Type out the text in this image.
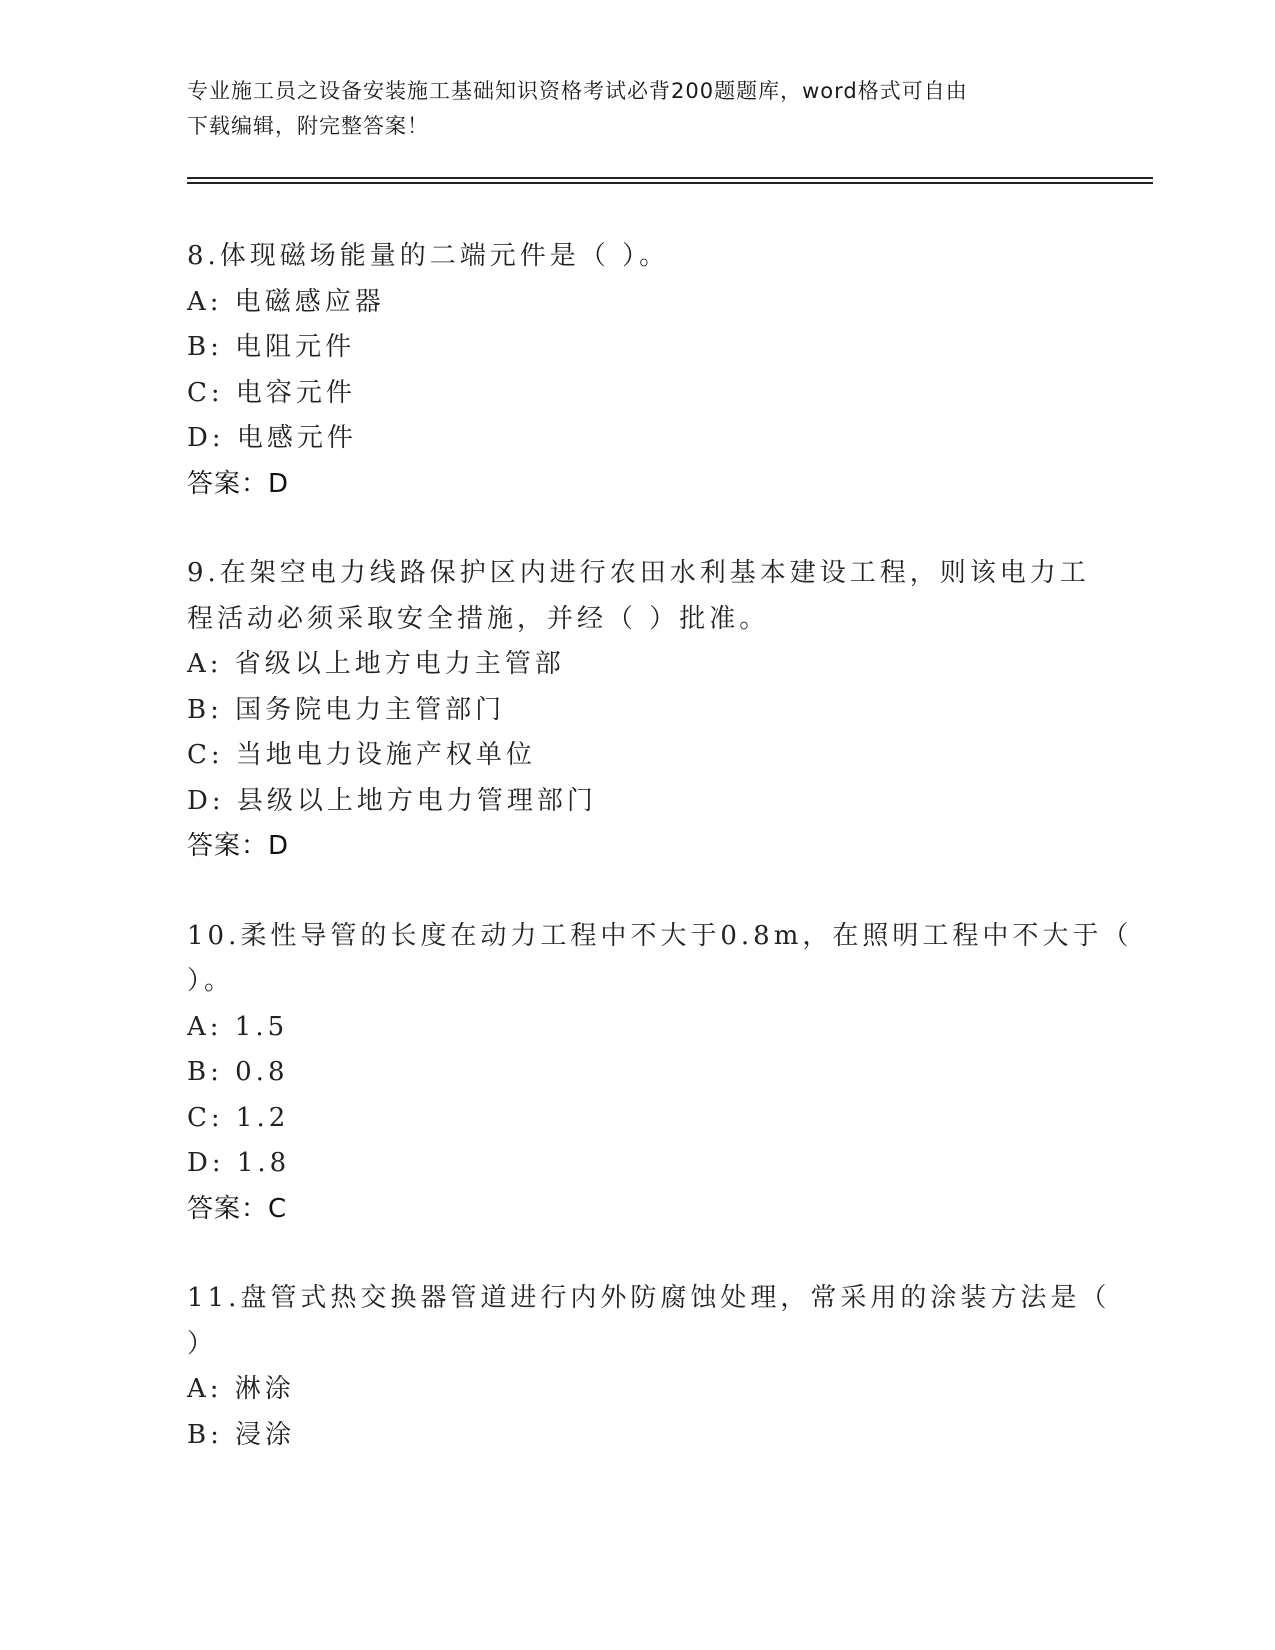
专业施工员之设备安装施工基础知识资格考试必背200题题库，word格式可自由
下载编辑，附完整答案！

8.体现磁场能量的二端元件是（ ）。

A: 电磁感应器

B: 电阻元件

C: 电容元件

D: 电感元件

答案：D

9.在架空电力线路保护区内进行农田水利基本建设工程，则该电力工

程活动必须采取安全措施，并经（ ）批准。

A: 省级以上地方电力主管部

B: 国务院电力主管部门

C: 当地电力设施产权单位

D: 县级以上地方电力管理部门

答案：D

10.柔性导管的长度在动力工程中不大于0.8m，在照明工程中不大于（

）。

A: 1.5

B: 0.8

C: 1.2

D: 1.8

答案：C

11.盘管式热交换器管道进行内外防腐蚀处理，常采用的涂装方法是（

）

A: 淋涂

B: 浸涂
